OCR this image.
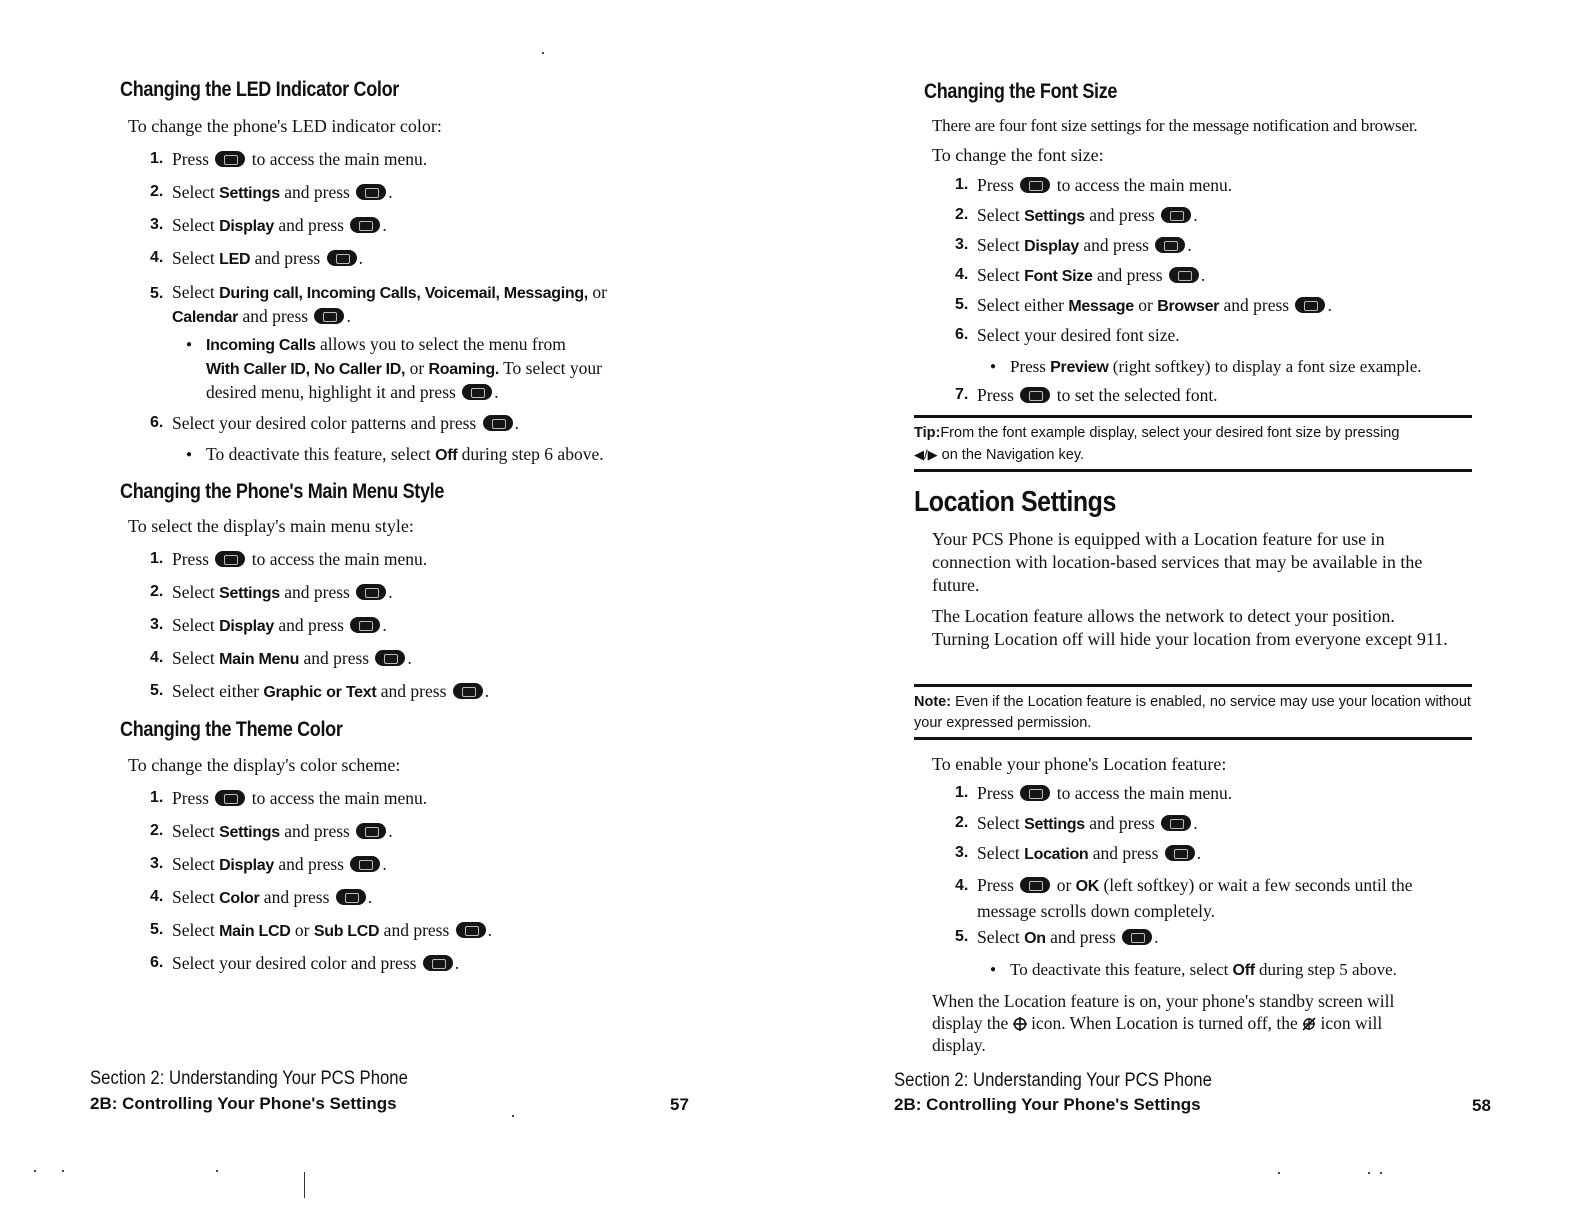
Changing the LED Indicator Color
To change the phone's LED indicator color:
1. Press to access the main menu.
2. Select Settings and press .
3. Select Display and press .
4. Select LED and press .
5. Select During call, Incoming Calls, Voicemail, Messaging, or
Calendar and press .
● Incoming Calls allows you to select the menu from
With Caller ID, No Caller ID, or Roaming. To select your
desired menu, highlight it and press .
6. Select your desired color patterns and press .
● To deactivate this feature, select Off during step 6 above.
Changing the Phone's Main Menu Style
To select the display's main menu style:
1. Press to access the main menu.
2. Select Settings and press .
3. Select Display and press .
4. Select Main Menu and press .
5. Select either Graphic or Text and press .
Changing the Theme Color
To change the display's color scheme:
1. Press to access the main menu.
2. Select Settings and press .
3. Select Display and press .
4. Select Color and press .
5. Select Main LCD or Sub LCD and press .
6. Select your desired color and press .
Section 2: Understanding Your PCS Phone
2B: Controlling Your Phone's Settings	57
Changing the Font Size
There are four font size settings for the message notification and browser.
To change the font size:
1. Press to access the main menu.
2. Select Settings and press .
3. Select Display and press .
4. Select Font Size and press .
5. Select either Message or Browser and press .
6. Select your desired font size.
● Press Preview (right softkey) to display a font size example.
7. Press to set the selected font.
Tip:From the font example display, select your desired font size by pressing
◀/▶ on the Navigation key.
Location Settings
Your PCS Phone is equipped with a Location feature for use in connection with location-based services that may be available in the future.
The Location feature allows the network to detect your position. Turning Location off will hide your location from everyone except 911.
Note: Even if the Location feature is enabled, no service may use your location without your expressed permission.
To enable your phone's Location feature:
1. Press to access the main menu.
2. Select Settings and press .
3. Select Location and press .
4. Press or OK (left softkey) or wait a few seconds until the
message scrolls down completely.
5. Select On and press .
● To deactivate this feature, select Off during step 5 above.
When the Location feature is on, your phone's standby screen will
display the icon. When Location is turned off, the icon will
display.
Section 2: Understanding Your PCS Phone
2B: Controlling Your Phone's Settings	58
